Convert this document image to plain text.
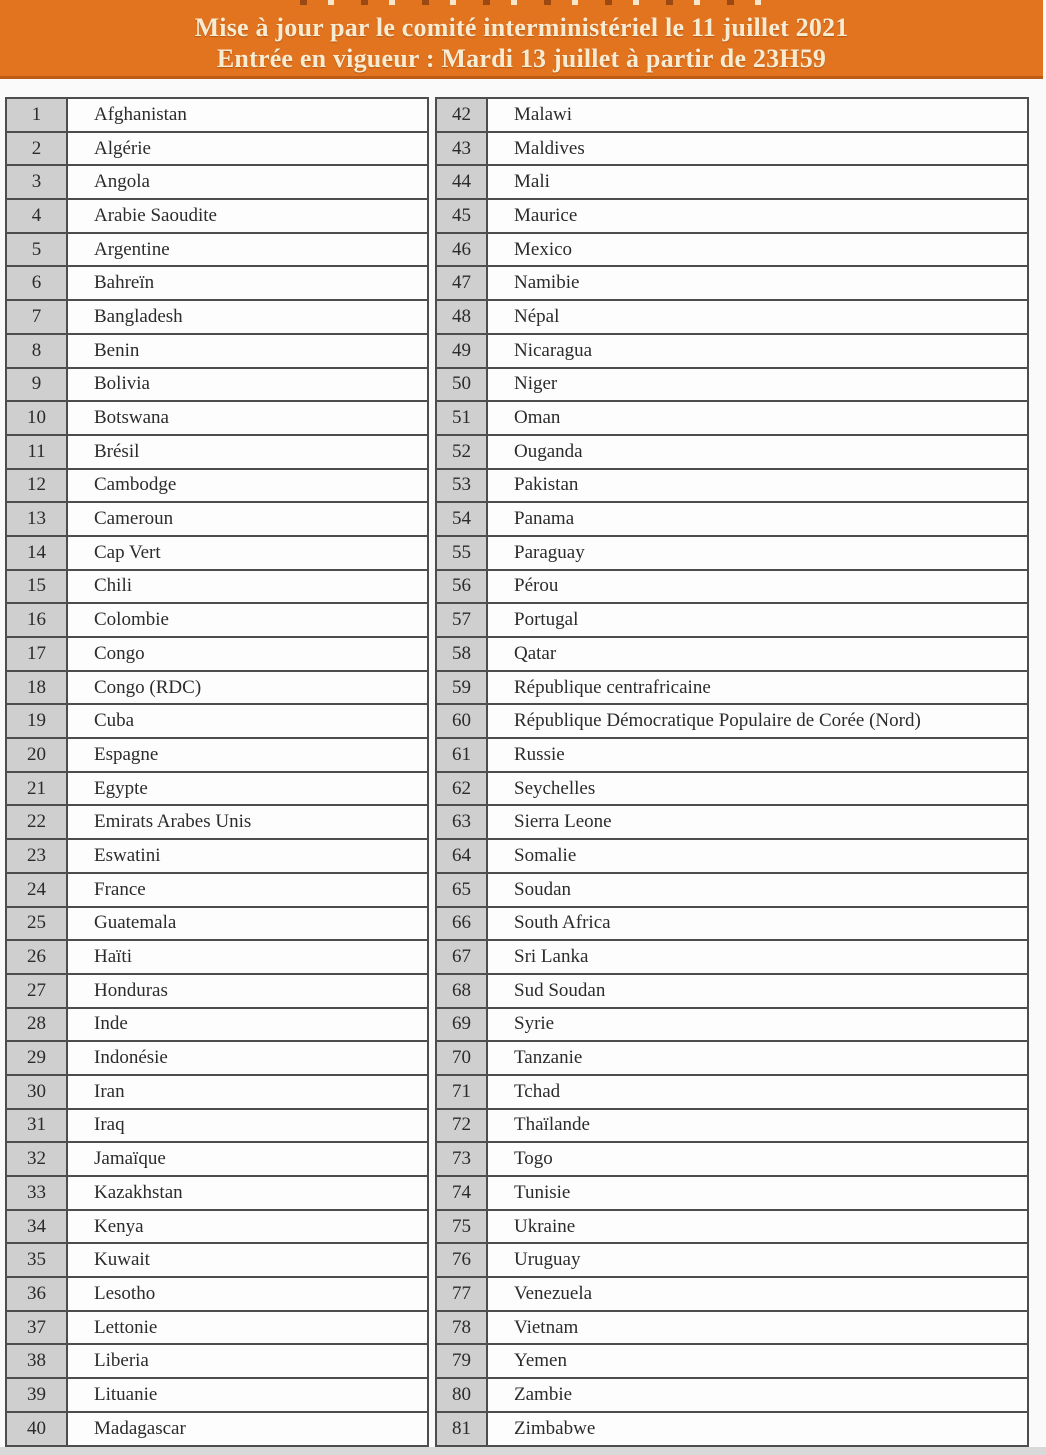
Mise à jour par le comité interministériel le 11 juillet 2021
Entrée en vigueur : Mardi 13 juillet à partir de 23H59
1	Afghanistan
2	Algérie
3	Angola
4	Arabie Saoudite
5	Argentine
6	Bahreïn
7	Bangladesh
8	Benin
9	Bolivia
10	Botswana
11	Brésil
12	Cambodge
13	Cameroun
14	Cap Vert
15	Chili
16	Colombie
17	Congo
18	Congo (RDC)
19	Cuba
20	Espagne
21	Egypte
22	Emirats Arabes Unis
23	Eswatini
24	France
25	Guatemala
26	Haïti
27	Honduras
28	Inde
29	Indonésie
30	Iran
31	Iraq
32	Jamaïque
33	Kazakhstan
34	Kenya
35	Kuwait
36	Lesotho
37	Lettonie
38	Liberia
39	Lituanie
40	Madagascar
42	Malawi
43	Maldives
44	Mali
45	Maurice
46	Mexico
47	Namibie
48	Népal
49	Nicaragua
50	Niger
51	Oman
52	Ouganda
53	Pakistan
54	Panama
55	Paraguay
56	Pérou
57	Portugal
58	Qatar
59	République centrafricaine
60	République Démocratique Populaire de Corée (Nord)
61	Russie
62	Seychelles
63	Sierra Leone
64	Somalie
65	Soudan
66	South Africa
67	Sri Lanka
68	Sud Soudan
69	Syrie
70	Tanzanie
71	Tchad
72	Thaïlande
73	Togo
74	Tunisie
75	Ukraine
76	Uruguay
77	Venezuela
78	Vietnam
79	Yemen
80	Zambie
81	Zimbabwe
